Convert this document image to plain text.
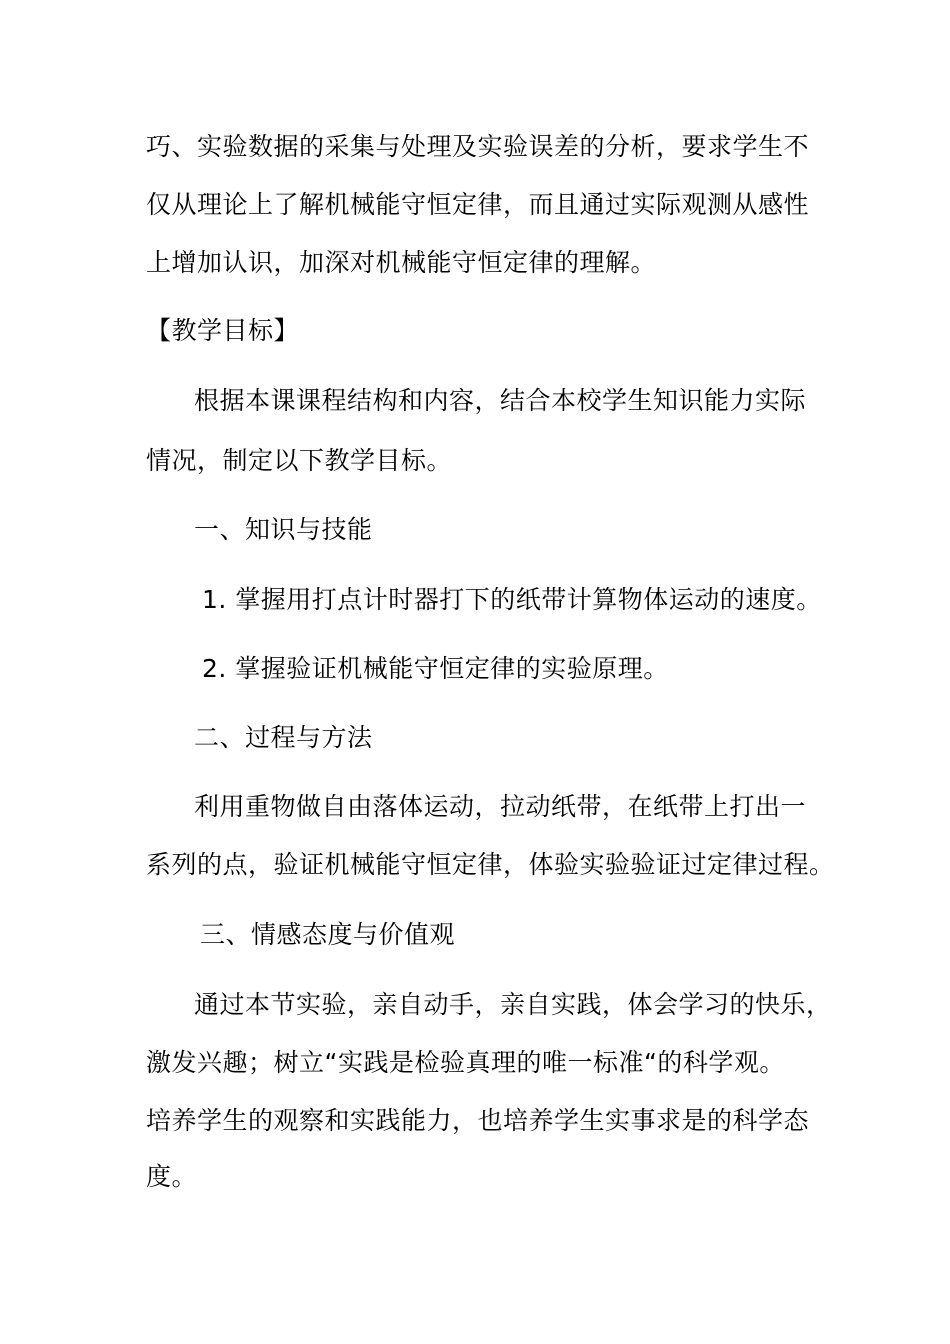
巧、实验数据的采集与处理及实验误差的分析，要求学生不
仅从理论上了解机械能守恒定律，而且通过实际观测从感性
上增加认识，加深对机械能守恒定律的理解。
【教学目标】
根据本课课程结构和内容，结合本校学生知识能力实际
情况，制定以下教学目标。
一、知识与技能
1. 掌握用打点计时器打下的纸带计算物体运动的速度。
2. 掌握验证机械能守恒定律的实验原理。
二、过程与方法
利用重物做自由落体运动，拉动纸带，在纸带上打出一
系列的点，验证机械能守恒定律，体验实验验证过定律过程。
三、情感态度与价值观
通过本节实验，亲自动手，亲自实践，体会学习的快乐，
激发兴趣；树立“实践是检验真理的唯一标准“的科学观。
培养学生的观察和实践能力，也培养学生实事求是的科学态
度。
